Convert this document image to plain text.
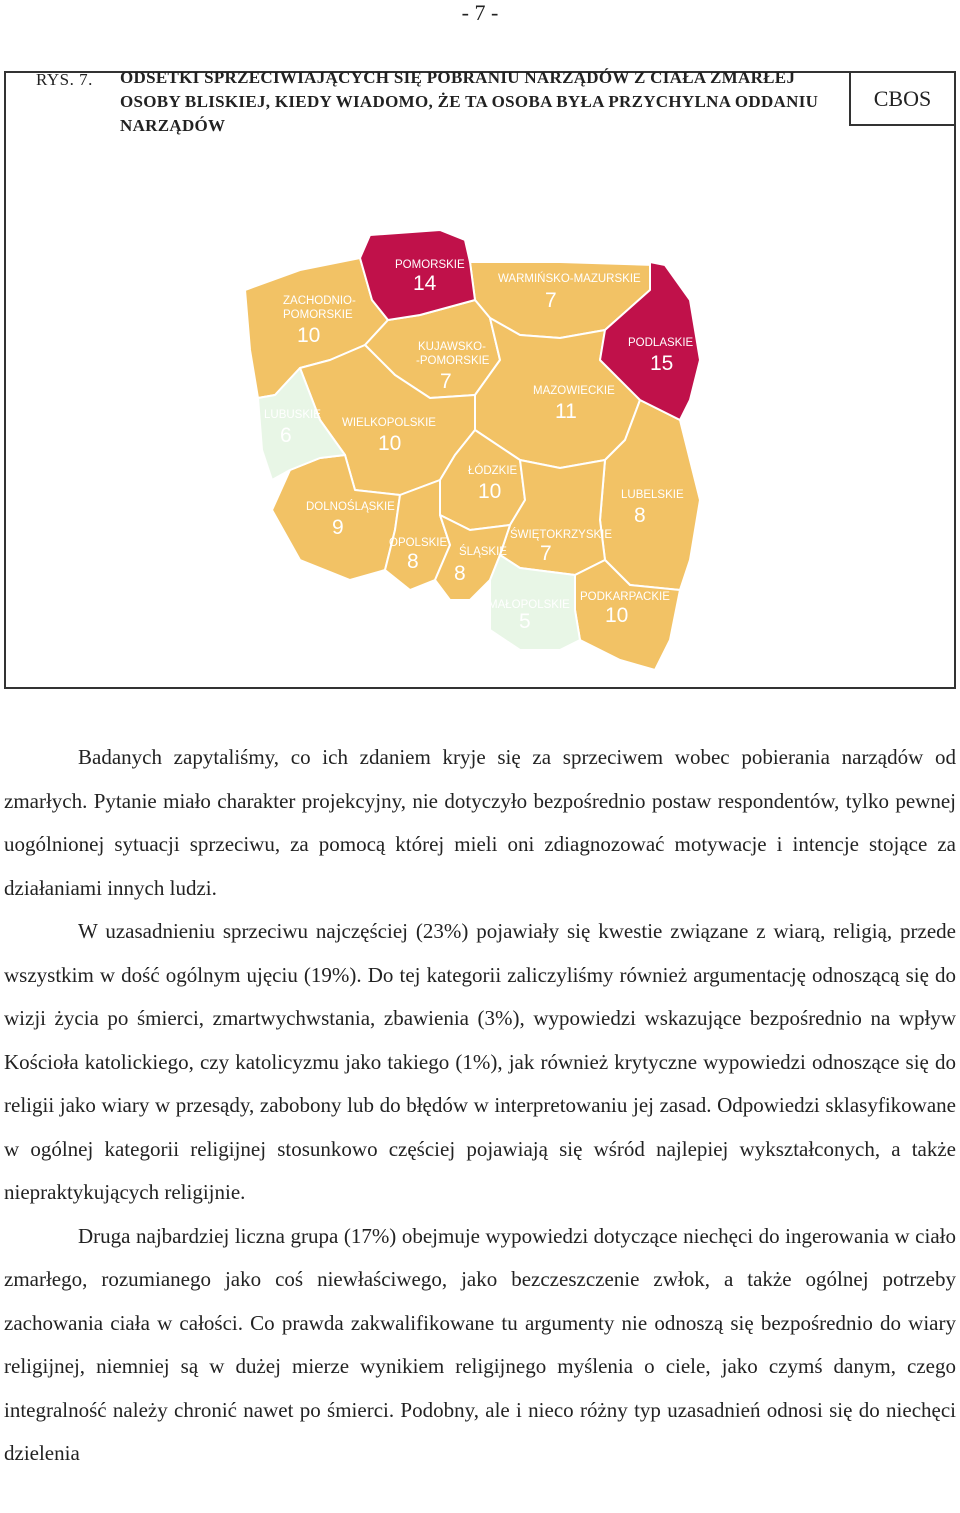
- 7 -
CBOS
RYS. 7. ODSETKI SPRZECIWIAJĄCYCH SIĘ POBRANIU NARZĄDÓW Z CIAŁA ZMARŁEJ OSOBY BLISKIEJ, KIEDY WIADOMO, ŻE TA OSOBA BYŁA PRZYCHYLNA ODDANIU NARZĄDÓW
POMORSKIE
14	WARMIŃSKO-MAZURSKIE
7
ZACHODNIO-
POMORSKIE
10	PODLASKIE
15
KUJAWSKO-
-POMORSKIE
7	MAZOWIECKIE
11
LUBUSKIE
6
WIELKOPOLSKIE
10
ŁÓDZKIE
10	LUBELSKIE
8
DOLNOŚLĄSKIE
9	ŚWIĘTOKRZYSKIE
7
OPOLSKIE
8	ŚLĄSKIE
8
MAŁOPOLSKIE
5
PODKARPACKIE
10

Badanych zapytaliśmy, co ich zdaniem kryje się za sprzeciwem wobec pobierania narządów od zmarłych. Pytanie miało charakter projekcyjny, nie dotyczyło bezpośrednio postaw respondentów, tylko pewnej uogólnionej sytuacji sprzeciwu, za pomocą której mieli oni zdiagnozować motywacje i intencje stojące za działaniami innych ludzi.

W uzasadnieniu sprzeciwu najczęściej (23%) pojawiały się kwestie związane z wiarą, religią, przede wszystkim w dość ogólnym ujęciu (19%). Do tej kategorii zaliczyliśmy również argumentację odnoszącą się do wizji życia po śmierci, zmartwychwstania, zbawienia (3%), wypowiedzi wskazujące bezpośrednio na wpływ Kościoła katolickiego, czy katolicyzmu jako takiego (1%), jak również krytyczne wypowiedzi odnoszące się do religii jako wiary w przesądy, zabobony lub do błędów w interpretowaniu jej zasad. Odpowiedzi sklasyfikowane w ogólnej kategorii religijnej stosunkowo częściej pojawiają się wśród najlepiej wykształconych, a także niepraktykujących religijnie.

Druga najbardziej liczna grupa (17%) obejmuje wypowiedzi dotyczące niechęci do ingerowania w ciało zmarłego, rozumianego jako coś niewłaściwego, jako bezczeszczenie zwłok, a także ogólnej potrzeby zachowania ciała w całości. Co prawda zakwalifikowane tu argumenty nie odnoszą się bezpośrednio do wiary religijnej, niemniej są w dużej mierze wynikiem religijnego myślenia o ciele, jako czymś danym, czego integralność należy chronić nawet po śmierci. Podobny, ale i nieco różny typ uzasadnień odnosi się do niechęci dzielenia
